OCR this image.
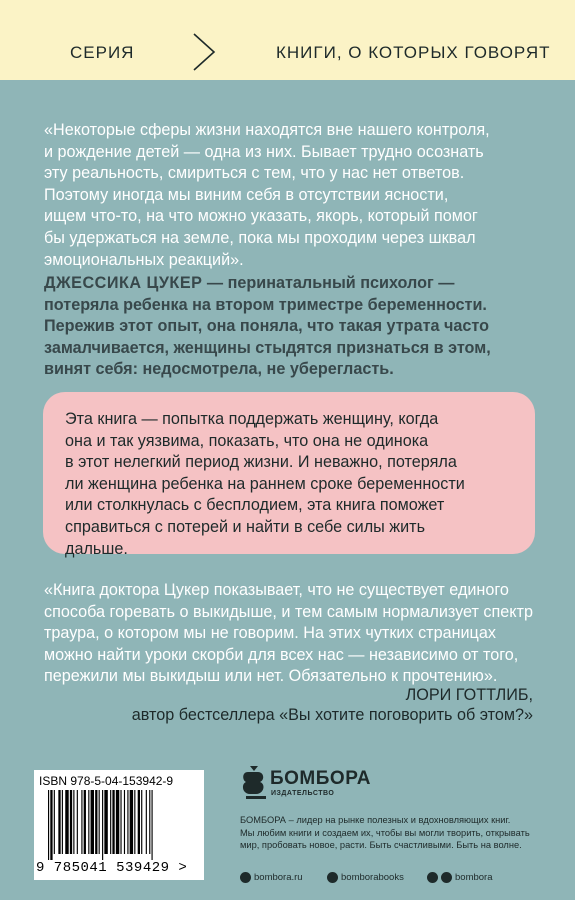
СЕРИЯ	КНИГИ, О КОТОРЫХ ГОВОРЯТ
«Некоторые сферы жизни находятся вне нашего контроля,
и рождение детей — одна из них. Бывает трудно осознать
эту реальность, смириться с тем, что у нас нет ответов.
Поэтому иногда мы виним себя в отсутствии ясности,
ищем что-то, на что можно указать, якорь, который помог
бы удержаться на земле, пока мы проходим через шквал
эмоциональных реакций».
ДЖЕССИКА ЦУКЕР — перинатальный психолог —
потеряла ребенка на втором триместре беременности.
Пережив этот опыт, она поняла, что такая утрата часто
замалчивается, женщины стыдятся признаться в этом,
винят себя: недосмотрела, не уберегласть.
Эта книга — попытка поддержать женщину, когда
она и так уязвима, показать, что она не одинока
в этот нелегкий период жизни. И неважно, потеряла
ли женщина ребенка на раннем сроке беременности
или столкнулась с бесплодием, эта книга поможет
справиться с потерей и найти в себе силы жить
дальше.
«Книга доктора Цукер показывает, что не существует единого
способа горевать о выкидыше, и тем самым нормализует спектр
траура, о котором мы не говорим. На этих чутких страницах
можно найти уроки скорби для всех нас — независимо от того,
пережили мы выкидыш или нет. Обязательно к прочтению».
ЛОРИ ГОТТЛИБ,
автор бестселлера «Вы хотите поговорить об этом?»
ISBN 978-5-04-153942-9
9 785041 539429 >
БОМБОРА
ИЗДАТЕЛЬСТВО
БОМБОРА – лидер на рынке полезных и вдохновляющих книг.
Мы любим книги и создаем их, чтобы вы могли творить, открывать
мир, пробовать новое, расти. Быть счастливыми. Быть на волне.
bombora.ru	bomborabooks	bombora
